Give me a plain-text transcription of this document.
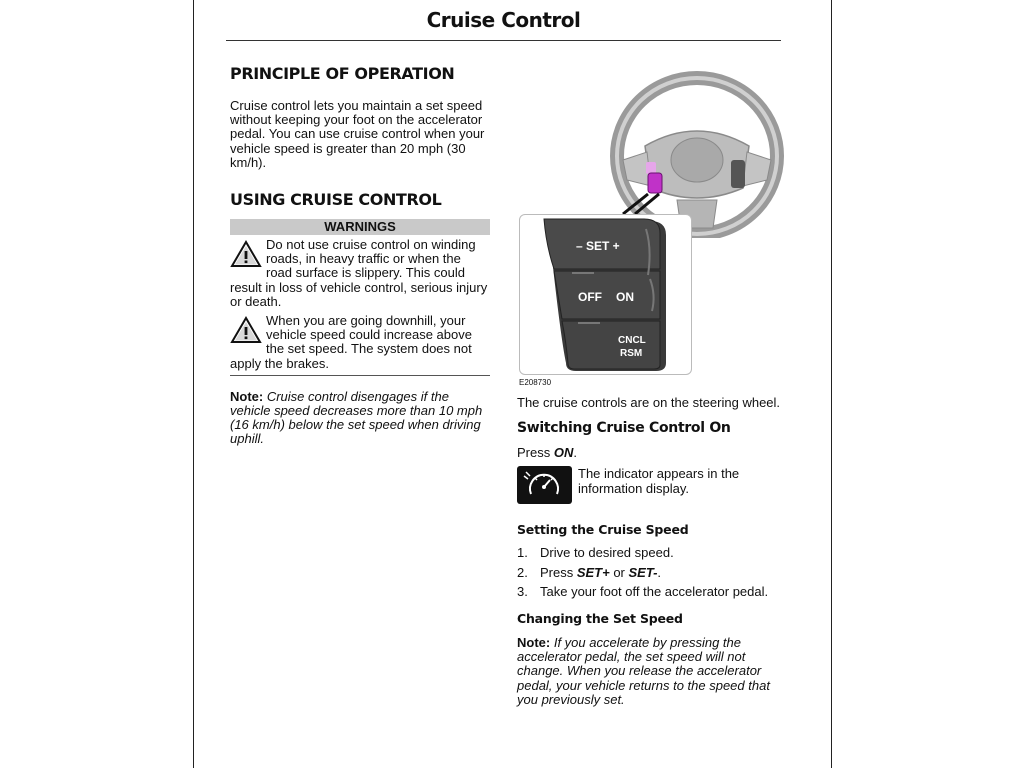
Cruise Control
PRINCIPLE OF OPERATION

Cruise control lets you maintain a set speed without keeping your foot on the accelerator pedal. You can use cruise control when your vehicle speed is greater than 20 mph (30 km/h).

USING CRUISE CONTROL
WARNINGS

Do not use cruise control on winding roads, in heavy traffic or when the road surface is slippery. This could result in loss of vehicle control, serious injury or death.

When you are going downhill, your vehicle speed could increase above the set speed. The system does not apply the brakes.

Note: Cruise control disengages if the vehicle speed decreases more than 10 mph (16 km/h) below the set speed when driving uphill.

– SET +
OFF ON
CNCL
RSM
E208730

The cruise controls are on the steering wheel.

Switching Cruise Control On

Press ON.

The indicator appears in the information display.

Setting the Cruise Speed
1. Drive to desired speed.
2. Press SET+ or SET-.
3. Take your foot off the accelerator pedal.
Changing the Set Speed

Note: If you accelerate by pressing the accelerator pedal, the set speed will not change. When you release the accelerator pedal, your vehicle returns to the speed that you previously set.
